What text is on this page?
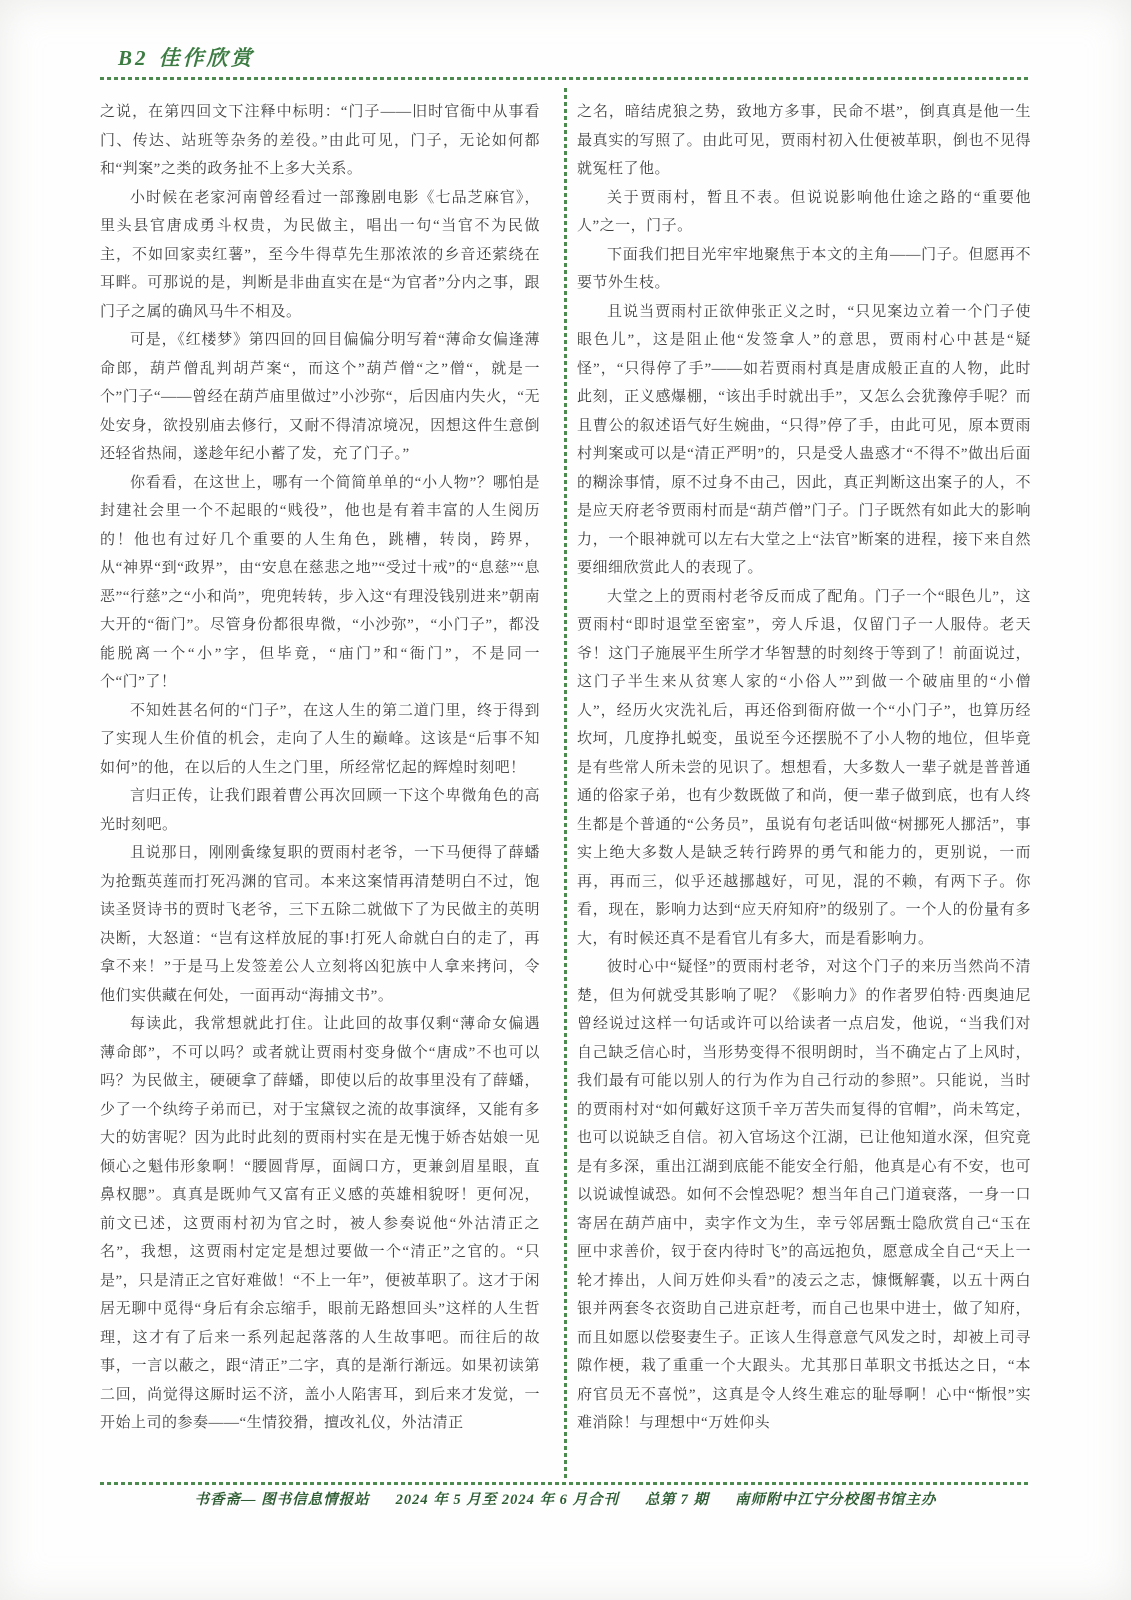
B2 佳作欣赏

之说，在第四回文下注释中标明：“门子——旧时官衙中从事看门、传达、站班等杂务的差役。”由此可见，门子，无论如何都和“判案”之类的政务扯不上多大关系。

小时候在老家河南曾经看过一部豫剧电影《七品芝麻官》，里头县官唐成勇斗权贵，为民做主，唱出一句“当官不为民做主，不如回家卖红薯”，至今牛得草先生那浓浓的乡音还萦绕在耳畔。可那说的是，判断是非曲直实在是“为官者”分内之事，跟门子之属的确风马牛不相及。

可是，《红楼梦》第四回的回目偏偏分明写着“薄命女偏逢薄命郎，葫芦僧乱判胡芦案“，而这个”葫芦僧“之”僧“，就是一个”门子“——曾经在葫芦庙里做过”小沙弥“，后因庙内失火，“无处安身，欲投别庙去修行，又耐不得清凉境况，因想这件生意倒还轻省热闹，遂趁年纪小蓄了发，充了门子。”

你看看，在这世上，哪有一个简简单单的“小人物”？哪怕是封建社会里一个不起眼的“贱役”，他也是有着丰富的人生阅历的！他也有过好几个重要的人生角色，跳槽，转岗，跨界，从“神界“到“政界”，由“安息在慈悲之地”“受过十戒”的“息慈”“息恶”“行慈”之“小和尚”，兜兜转转，步入这“有理没钱别进来”朝南大开的“衙门”。尽管身份都很卑微，“小沙弥”，“小门子”，都没能脱离一个“小”字，但毕竟，“庙门”和“衙门”，不是同一个“门”了！

不知姓甚名何的“门子”，在这人生的第二道门里，终于得到了实现人生价值的机会，走向了人生的巅峰。这该是“后事不知如何”的他，在以后的人生之门里，所经常忆起的辉煌时刻吧！

言归正传，让我们跟着曹公再次回顾一下这个卑微角色的高光时刻吧。

且说那日，刚刚夤缘复职的贾雨村老爷，一下马便得了薛蟠为抢甄英莲而打死冯渊的官司。本来这案情再清楚明白不过，饱读圣贤诗书的贾时飞老爷，三下五除二就做下了为民做主的英明决断，大怒道：“岂有这样放屁的事!打死人命就白白的走了，再拿不来！”于是马上发签差公人立刻将凶犯族中人拿来拷问，令他们实供藏在何处，一面再动“海捕文书”。

每读此，我常想就此打住。让此回的故事仅剩“薄命女偏遇薄命郎”，不可以吗？或者就让贾雨村变身做个“唐成”不也可以吗？为民做主，硬硬拿了薛蟠，即使以后的故事里没有了薛蟠，少了一个纨绔子弟而已，对于宝黛钗之流的故事演绎，又能有多大的妨害呢？因为此时此刻的贾雨村实在是无愧于娇杏姑娘一见倾心之魁伟形象啊！“腰圆背厚，面阔口方，更兼剑眉星眼，直鼻权腮”。真真是既帅气又富有正义感的英雄相貌呀！更何况，前文已述，这贾雨村初为官之时，被人参奏说他“外沽清正之名”，我想，这贾雨村定定是想过要做一个“清正”之官的。“只是”，只是清正之官好难做！“不上一年”，便被革职了。这才于闲居无聊中觅得“身后有余忘缩手，眼前无路想回头”这样的人生哲理，这才有了后来一系列起起落落的人生故事吧。而往后的故事，一言以蔽之，跟“清正”二字，真的是渐行渐远。如果初读第二回，尚觉得这厮时运不济，盖小人陷害耳，到后来才发觉，一开始上司的参奏——“生情狡猾，擅改礼仪，外沽清正

之名，暗结虎狼之势，致地方多事，民命不堪”，倒真真是他一生最真实的写照了。由此可见，贾雨村初入仕便被革职，倒也不见得就冤枉了他。

关于贾雨村，暂且不表。但说说影响他仕途之路的“重要他人”之一，门子。

下面我们把目光牢牢地聚焦于本文的主角——门子。但愿再不要节外生枝。

且说当贾雨村正欲伸张正义之时，“只见案边立着一个门子使眼色儿”，这是阻止他“发签拿人”的意思，贾雨村心中甚是“疑怪”，“只得停了手”——如若贾雨村真是唐成般正直的人物，此时此刻，正义感爆棚，“该出手时就出手”，又怎么会犹豫停手呢？而且曹公的叙述语气好生婉曲，“只得”停了手，由此可见，原本贾雨村判案或可以是“清正严明”的，只是受人蛊惑才“不得不”做出后面的糊涂事情，原不过身不由己，因此，真正判断这出案子的人，不是应天府老爷贾雨村而是“葫芦僧”门子。门子既然有如此大的影响力，一个眼神就可以左右大堂之上“法官”断案的进程，接下来自然要细细欣赏此人的表现了。

大堂之上的贾雨村老爷反而成了配角。门子一个“眼色儿”，这贾雨村“即时退堂至密室”，旁人斥退，仅留门子一人服侍。老天爷！这门子施展平生所学才华智慧的时刻终于等到了！前面说过，这门子半生来从贫寒人家的“小俗人””到做一个破庙里的“小僧人”，经历火灾洗礼后，再还俗到衙府做一个“小门子”，也算历经坎坷，几度挣扎蜕变，虽说至今还摆脱不了小人物的地位，但毕竟是有些常人所未尝的见识了。想想看，大多数人一辈子就是普普通通的俗家子弟，也有少数既做了和尚，便一辈子做到底，也有人终生都是个普通的“公务员”，虽说有句老话叫做“树挪死人挪活”，事实上绝大多数人是缺乏转行跨界的勇气和能力的，更别说，一而再，再而三，似乎还越挪越好，可见，混的不赖，有两下子。你看，现在，影响力达到“应天府知府”的级别了。一个人的份量有多大，有时候还真不是看官儿有多大，而是看影响力。

彼时心中“疑怪”的贾雨村老爷，对这个门子的来历当然尚不清楚，但为何就受其影响了呢？《影响力》的作者罗伯特·西奥迪尼曾经说过这样一句话或许可以给读者一点启发，他说，“当我们对自己缺乏信心时，当形势变得不很明朗时，当不确定占了上风时，我们最有可能以别人的行为作为自己行动的参照”。只能说，当时的贾雨村对“如何戴好这顶千辛万苦失而复得的官帽”，尚未笃定，也可以说缺乏自信。初入官场这个江湖，已让他知道水深，但究竟是有多深，重出江湖到底能不能安全行船，他真是心有不安，也可以说诚惶诚恐。如何不会惶恐呢？想当年自己门道衰落，一身一口寄居在葫芦庙中，卖字作文为生，幸亏邻居甄士隐欣赏自己“玉在匣中求善价，钗于奁内待时飞”的高远抱负，愿意成全自己“天上一轮才捧出，人间万姓仰头看”的凌云之志，慷慨解囊，以五十两白银并两套冬衣资助自己进京赶考，而自己也果中进士，做了知府，而且如愿以偿娶妻生子。正该人生得意意气风发之时，却被上司寻隙作梗，栽了重重一个大跟头。尤其那日革职文书抵达之日，“本府官员无不喜悦”，这真是令人终生难忘的耻辱啊！心中“惭恨”实难消除！与理想中“万姓仰头

书香斋— 图书信息情报站 2024 年 5 月至 2024 年 6 月合刊 总第 7 期 南师附中江宁分校图书馆主办
